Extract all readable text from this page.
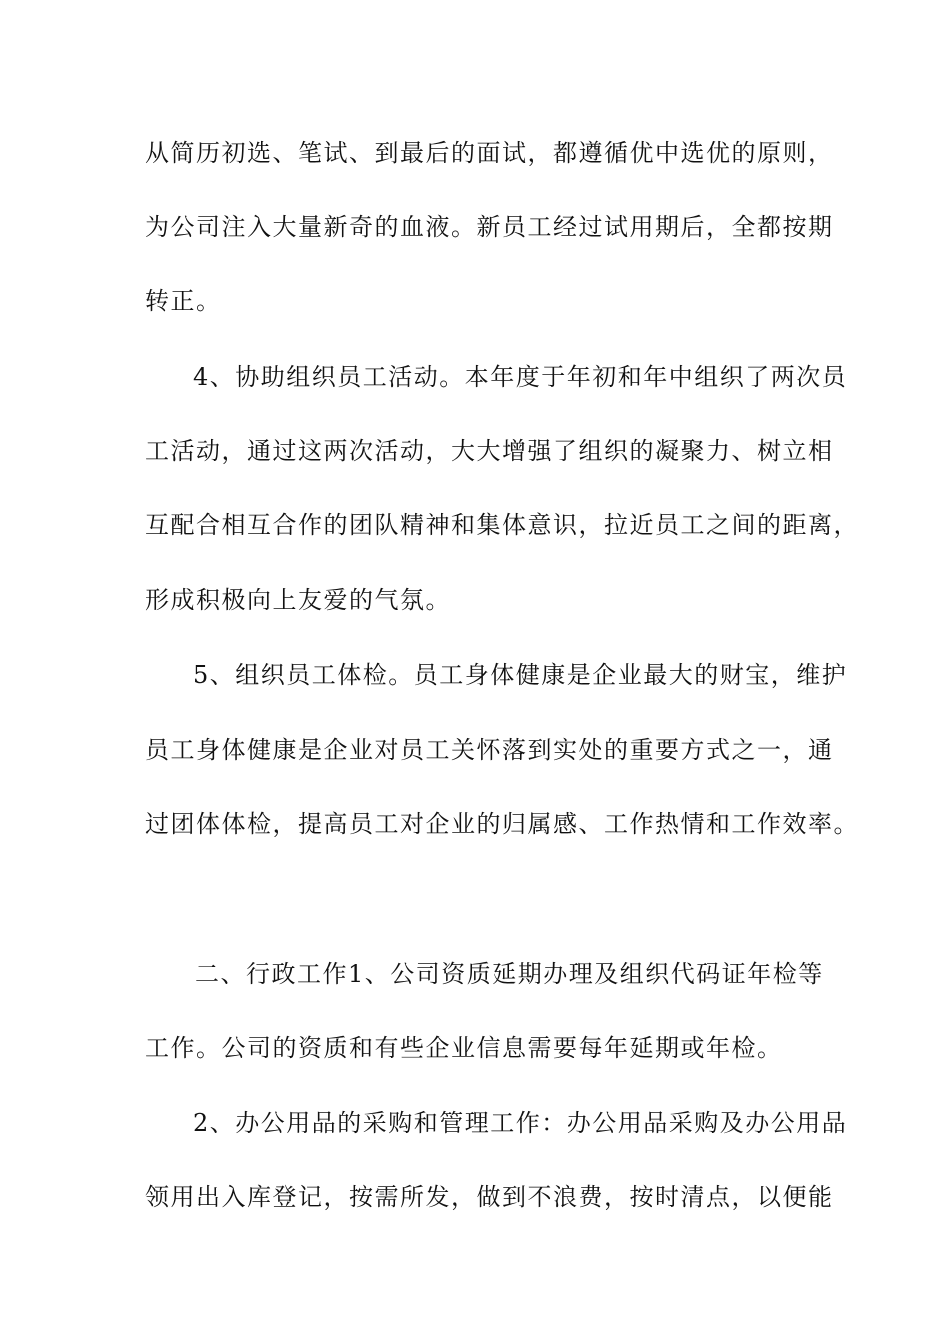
从简历初选、笔试、到最后的面试，都遵循优中选优的原则，
为公司注入大量新奇的血液。新员工经过试用期后，全都按期
转正。
4、协助组织员工活动。本年度于年初和年中组织了两次员
工活动，通过这两次活动，大大增强了组织的凝聚力、树立相
互配合相互合作的团队精神和集体意识，拉近员工之间的距离，
形成积极向上友爱的气氛。
5、组织员工体检。员工身体健康是企业最大的财宝，维护
员工身体健康是企业对员工关怀落到实处的重要方式之一，通
过团体体检，提高员工对企业的归属感、工作热情和工作效率。
二、行政工作1、公司资质延期办理及组织代码证年检等
工作。公司的资质和有些企业信息需要每年延期或年检。
2、办公用品的采购和管理工作：办公用品采购及办公用品
领用出入库登记，按需所发，做到不浪费，按时清点，以便能
